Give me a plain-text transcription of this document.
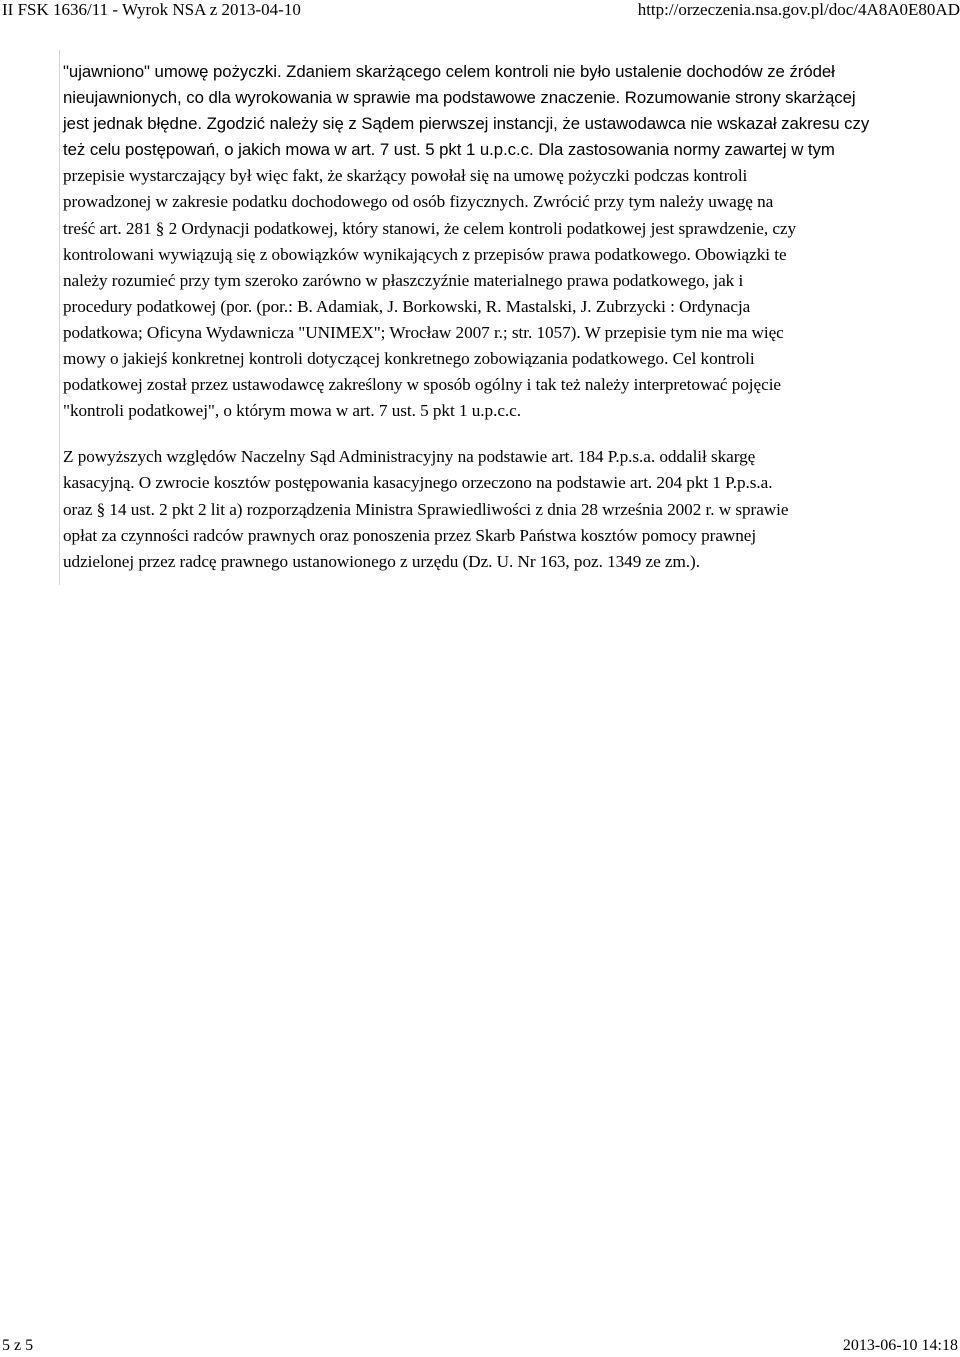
II FSK 1636/11 - Wyrok NSA z 2013-04-10	http://orzeczenia.nsa.gov.pl/doc/4A8A0E80AD

"ujawniono" umowę pożyczki. Zdaniem skarżącego celem kontroli nie było ustalenie dochodów ze źródeł
nieujawnionych, co dla wyrokowania w sprawie ma podstawowe znaczenie. Rozumowanie strony skarżącej
jest jednak błędne. Zgodzić należy się z Sądem pierwszej instancji, że ustawodawca nie wskazał zakresu czy
też celu postępowań, o jakich mowa w art. 7 ust. 5 pkt 1 u.p.c.c. Dla zastosowania normy zawartej w tym

przepisie wystarczający był więc fakt, że skarżący powołał się na umowę pożyczki podczas kontroli
prowadzonej w zakresie podatku dochodowego od osób fizycznych. Zwrócić przy tym należy uwagę na
treść art. 281 § 2 Ordynacji podatkowej, który stanowi, że celem kontroli podatkowej jest sprawdzenie, czy
kontrolowani wywiązują się z obowiązków wynikających z przepisów prawa podatkowego. Obowiązki te
należy rozumieć przy tym szeroko zarówno w płaszczyźnie materialnego prawa podatkowego, jak i
procedury podatkowej (por. (por.: B. Adamiak, J. Borkowski, R. Mastalski, J. Zubrzycki : Ordynacja
podatkowa; Oficyna Wydawnicza "UNIMEX"; Wrocław 2007 r.; str. 1057). W przepisie tym nie ma więc
mowy o jakiejś konkretnej kontroli dotyczącej konkretnego zobowiązania podatkowego. Cel kontroli
podatkowej został przez ustawodawcę zakreślony w sposób ogólny i tak też należy interpretować pojęcie
"kontroli podatkowej", o którym mowa w art. 7 ust. 5 pkt 1 u.p.c.c.

Z powyższych względów Naczelny Sąd Administracyjny na podstawie art. 184 P.p.s.a. oddalił skargę
kasacyjną. O zwrocie kosztów postępowania kasacyjnego orzeczono na podstawie art. 204 pkt 1 P.p.s.a.
oraz § 14 ust. 2 pkt 2 lit a) rozporządzenia Ministra Sprawiedliwości z dnia 28 września 2002 r. w sprawie
opłat za czynności radców prawnych oraz ponoszenia przez Skarb Państwa kosztów pomocy prawnej
udzielonej przez radcę prawnego ustanowionego z urzędu (Dz. U. Nr 163, poz. 1349 ze zm.).

5 z 5	2013-06-10 14:18
